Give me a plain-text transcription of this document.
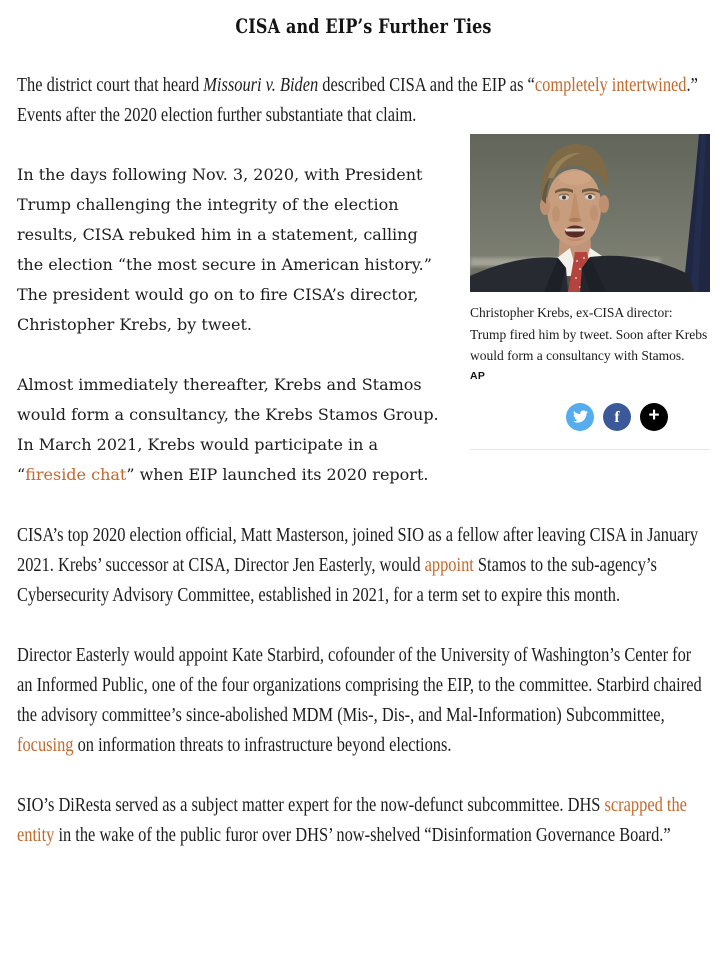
CISA and EIP’s Further Ties

The district court that heard Missouri v. Biden described CISA and the EIP as “completely intertwined.” Events after the 2020 election further substantiate that claim.

Christopher Krebs, ex-CISA director: Trump fired him by tweet. Soon after Krebs would form a consultancy with Stamos.
AP
f +

In the days following Nov. 3, 2020, with President Trump challenging the integrity of the election results, CISA rebuked him in a statement, calling the election “the most secure in American history.” The president would go on to fire CISA’s director, Christopher Krebs, by tweet.

Almost immediately thereafter, Krebs and Stamos would form a consultancy, the Krebs Stamos Group. In March 2021, Krebs would participate in a “fireside chat” when EIP launched its 2020 report.

CISA’s top 2020 election official, Matt Masterson, joined SIO as a fellow after leaving CISA in January 2021. Krebs’ successor at CISA, Director Jen Easterly, would appoint Stamos to the sub-agency’s Cybersecurity Advisory Committee, established in 2021, for a term set to expire this month.

Director Easterly would appoint Kate Starbird, cofounder of the University of Washington’s Center for an Informed Public, one of the four organizations comprising the EIP, to the committee. Starbird chaired the advisory committee’s since-abolished MDM (Mis-, Dis-, and Mal-Information) Subcommittee, focusing on information threats to infrastructure beyond elections.

SIO’s DiResta served as a subject matter expert for the now-defunct subcommittee. DHS scrapped the entity in the wake of the public furor over DHS’ now-shelved “Disinformation Governance Board.”
